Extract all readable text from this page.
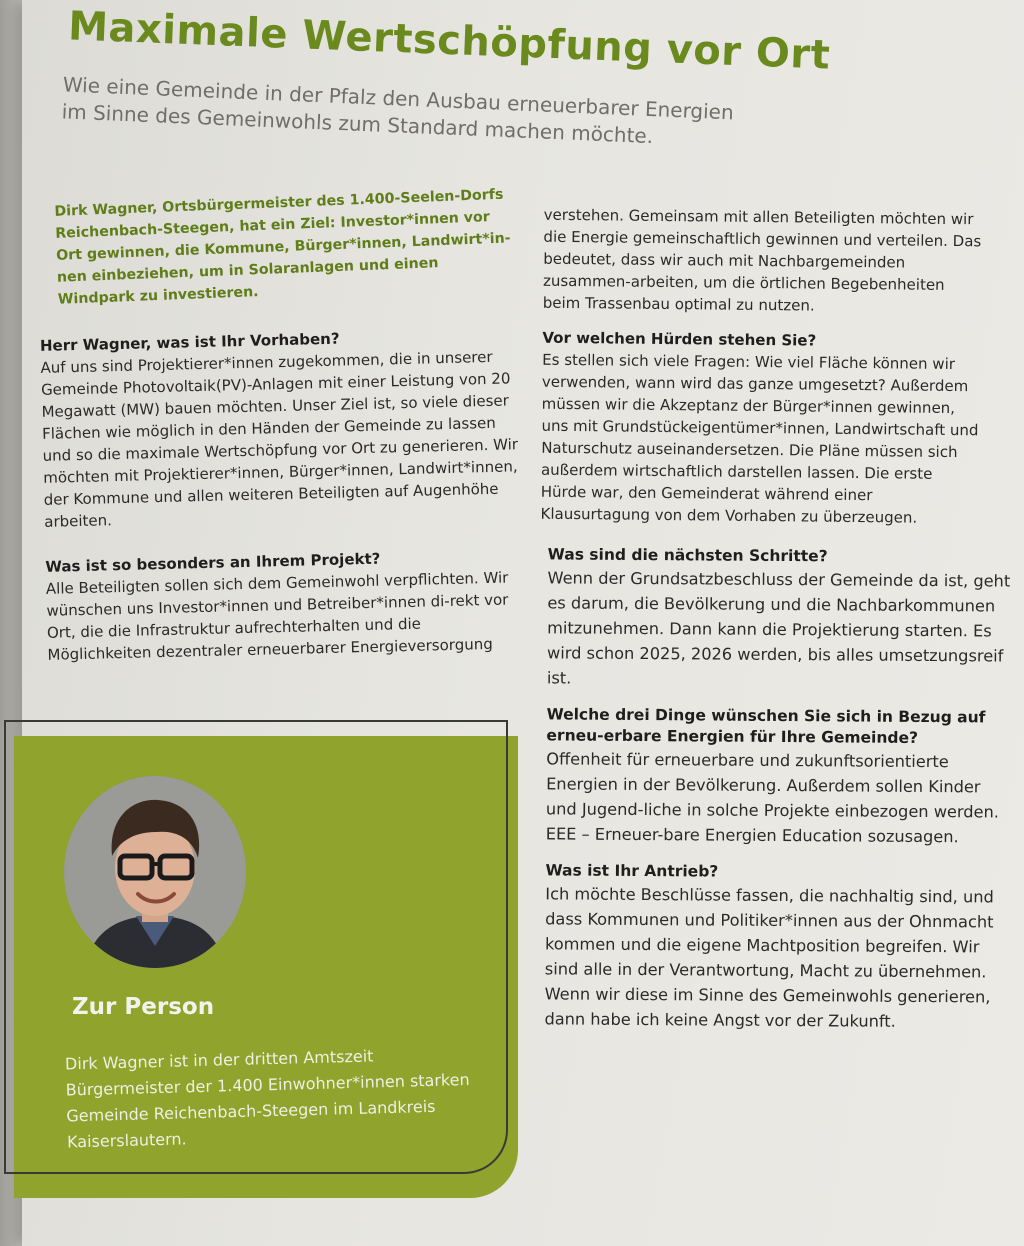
Maximale Wertschöpfung vor Ort
Wie eine Gemeinde in der Pfalz den Ausbau erneuerbarer Energien im Sinne des Gemeinwohls zum Standard machen möchte.
Dirk Wagner, Ortsbürgermeister des 1.400-Seelen-Dorfs Reichenbach-Steegen, hat ein Ziel: Investor*innen vor Ort gewinnen, die Kommune, Bürger*innen, Landwirt*in-nen einbeziehen, um in Solaranlagen und einen Windpark zu investieren.

Herr Wagner, was ist Ihr Vorhaben?

Auf uns sind Projektierer*innen zugekommen, die in unserer Gemeinde Photovoltaik(PV)-Anlagen mit einer Leistung von 20 Megawatt (MW) bauen möchten. Unser Ziel ist, so viele dieser Flächen wie möglich in den Händen der Gemeinde zu lassen und so die maximale Wertschöpfung vor Ort zu generieren. Wir möchten mit Projektierer*innen, Bürger*innen, Landwirt*innen, der Kommune und allen weiteren Beteiligten auf Augenhöhe arbeiten.

Was ist so besonders an Ihrem Projekt?

Alle Beteiligten sollen sich dem Gemeinwohl verpflichten. Wir wünschen uns Investor*innen und Betreiber*innen di-rekt vor Ort, die die Infrastruktur aufrechterhalten und die Möglichkeiten dezentraler erneuerbarer Energieversorgung

verstehen. Gemeinsam mit allen Beteiligten möchten wir die Energie gemeinschaftlich gewinnen und verteilen. Das bedeutet, dass wir auch mit Nachbargemeinden zusammen-arbeiten, um die örtlichen Begebenheiten beim Trassenbau optimal zu nutzen.

Vor welchen Hürden stehen Sie?

Es stellen sich viele Fragen: Wie viel Fläche können wir verwenden, wann wird das ganze umgesetzt? Außerdem müssen wir die Akzeptanz der Bürger*innen gewinnen, uns mit Grundstückeigentümer*innen, Landwirtschaft und Naturschutz auseinandersetzen. Die Pläne müssen sich außerdem wirtschaftlich darstellen lassen. Die erste Hürde war, den Gemeinderat während einer Klausurtagung von dem Vorhaben zu überzeugen.

Was sind die nächsten Schritte?

Wenn der Grundsatzbeschluss der Gemeinde da ist, geht es darum, die Bevölkerung und die Nachbarkommunen mitzunehmen. Dann kann die Projektierung starten. Es wird schon 2025, 2026 werden, bis alles umsetzungsreif ist.

Welche drei Dinge wünschen Sie sich in Bezug auf erneu-erbare Energien für Ihre Gemeinde?

Offenheit für erneuerbare und zukunftsorientierte Energien in der Bevölkerung. Außerdem sollen Kinder und Jugend-liche in solche Projekte einbezogen werden. EEE – Erneuer-bare Energien Education sozusagen.

Was ist Ihr Antrieb?

Ich möchte Beschlüsse fassen, die nachhaltig sind, und dass Kommunen und Politiker*innen aus der Ohnmacht kommen und die eigene Machtposition begreifen. Wir sind alle in der Verantwortung, Macht zu übernehmen. Wenn wir diese im Sinne des Gemeinwohls generieren, dann habe ich keine Angst vor der Zukunft.

Zur Person
Dirk Wagner ist in der dritten Amtszeit Bürgermeister der 1.400 Einwohner*innen starken Gemeinde Reichenbach-Steegen im Landkreis Kaiserslautern.
